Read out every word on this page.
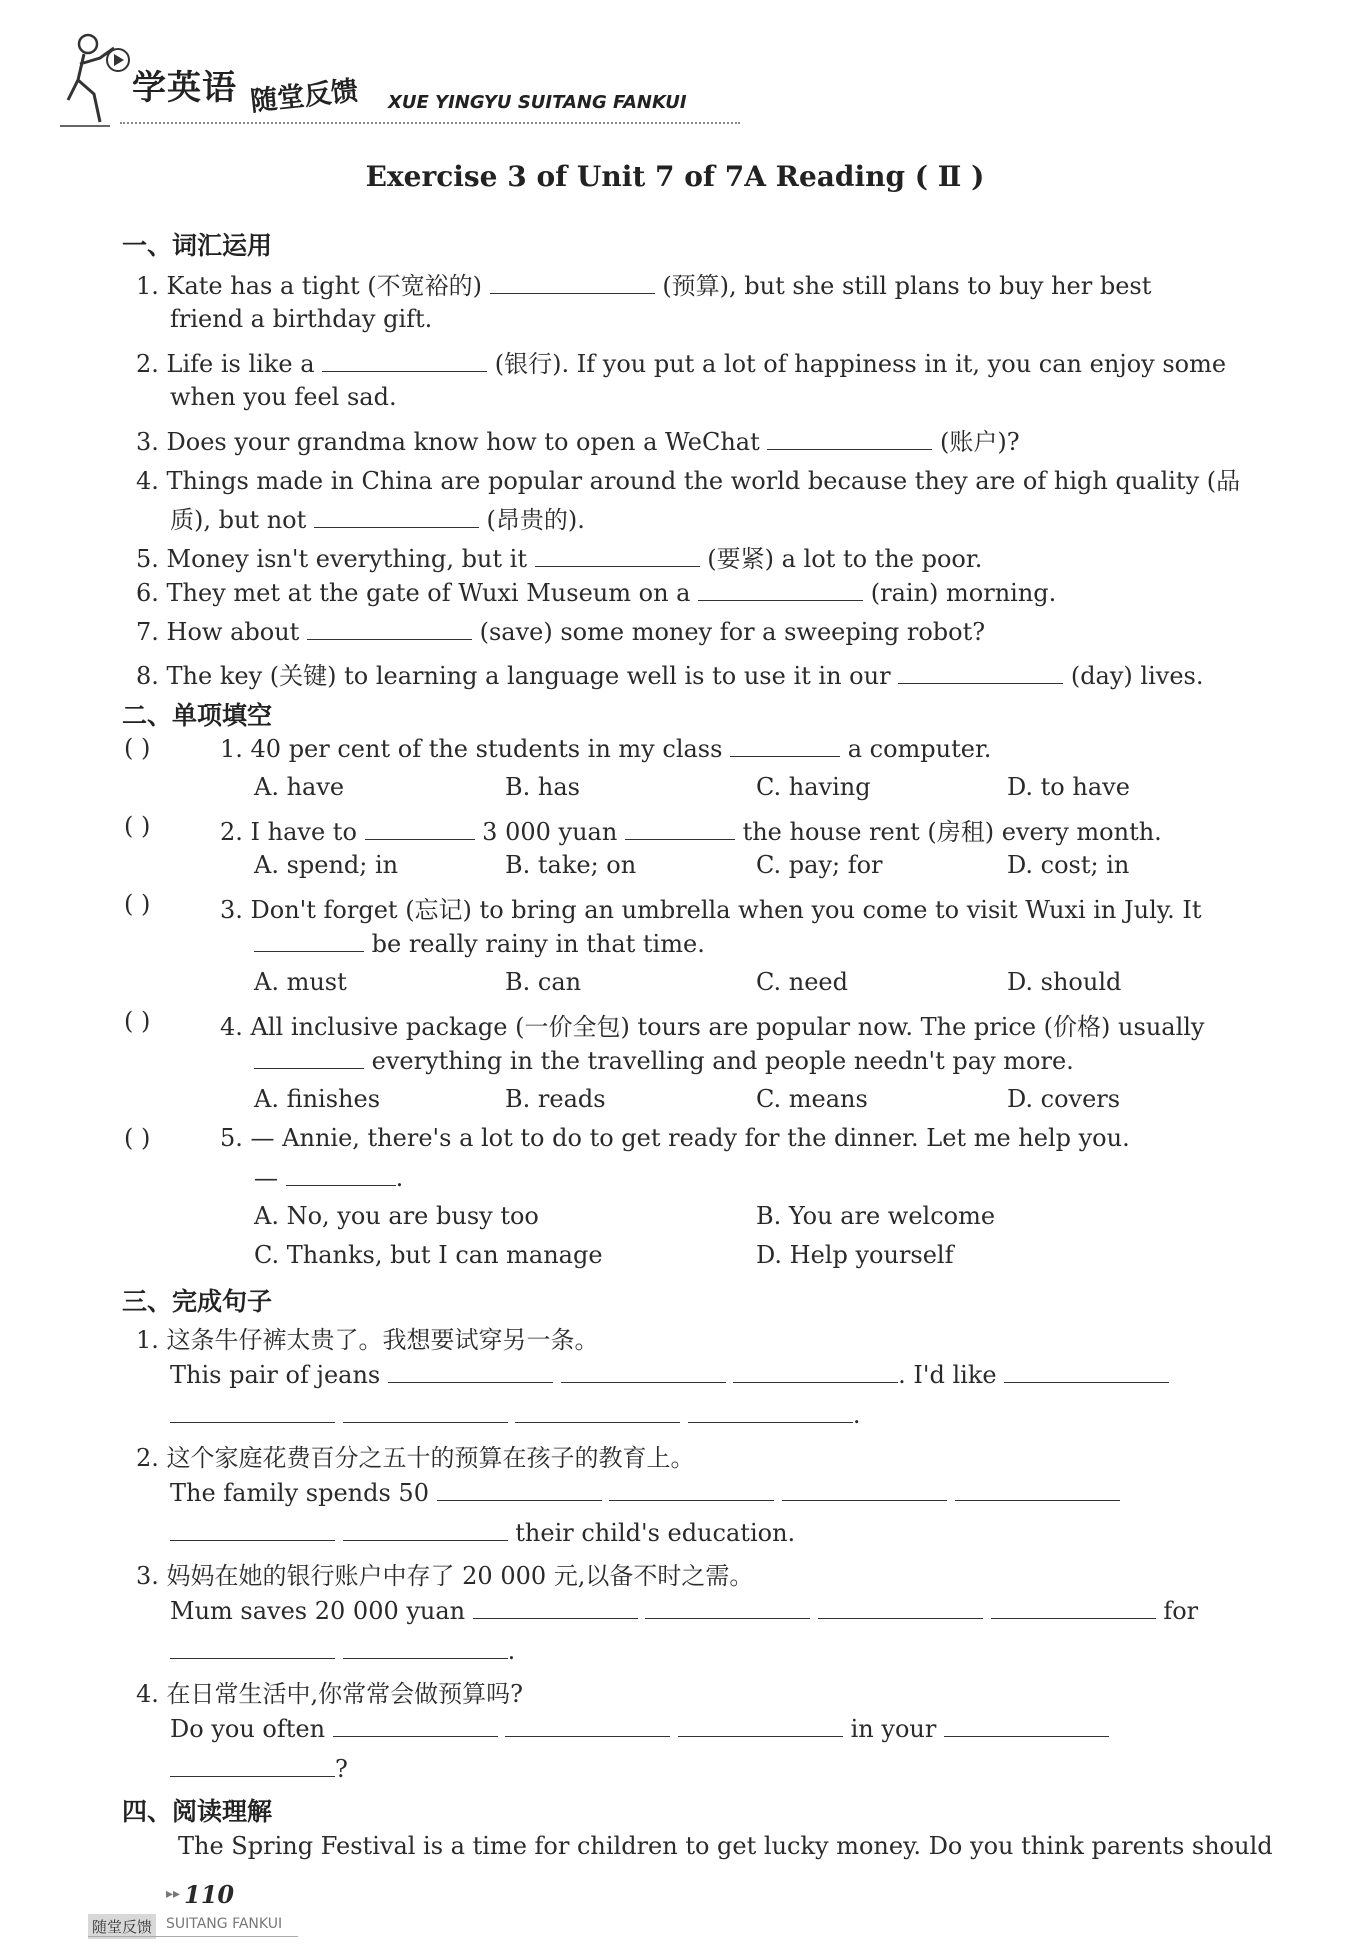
学英语 随堂反馈 XUE YINGYU SUITANG FANKUI
Exercise 3 of Unit 7 of 7A Reading ( Ⅱ )
一、词汇运用
1. Kate has a tight (不宽裕的)	(预算), but she still plans to buy her best
friend a birthday gift.
2. Life is like a	(银行). If you put a lot of happiness in it, you can enjoy some
when you feel sad.
3. Does your grandma know how to open a WeChat	(账户)?
4. Things made in China are popular around the world because they are of high quality (品
质), but not	(昂贵的).
5. Money isn't everything, but it	(要紧) a lot to the poor.
6. They met at the gate of Wuxi Museum on a	(rain) morning.
7. How about	(save) some money for a sweeping robot?
8. The key (关键) to learning a language well is to use it in our	(day) lives.
二、单项填空
( )	1. 40 per cent of the students in my class	a computer.
A. have	B. has	C. having	D. to have
( )	2. I have to	3 000 yuan	the house rent (房租) every month.
A. spend; in	B. take; on	C. pay; for	D. cost; in
( )	3. Don't forget (忘记) to bring an umbrella when you come to visit Wuxi in July. It
be really rainy in that time.
A. must	B. can	C. need	D. should
( )	4. All inclusive package (一价全包) tours are popular now. The price (价格) usually
everything in the travelling and people needn't pay more.
A. finishes	B. reads	C. means	D. covers
( )	5. — Annie, there's a lot to do to get ready for the dinner. Let me help you.
—	.
A. No, you are busy too	B. You are welcome
C. Thanks, but I can manage	D. Help yourself
三、完成句子
1. 这条牛仔裤太贵了。我想要试穿另一条。
This pair of jeans	. I'd like
.
2. 这个家庭花费百分之五十的预算在孩子的教育上。
The family spends 50
their child's education.
3. 妈妈在她的银行账户中存了 20 000 元,以备不时之需。
Mum saves 20 000 yuan	for
.
4. 在日常生活中,你常常会做预算吗?
Do you often	in your
?
四、阅读理解
The Spring Festival is a time for children to get lucky money. Do you think parents should
▸▸ 110
随堂反馈 SUITANG FANKUI
